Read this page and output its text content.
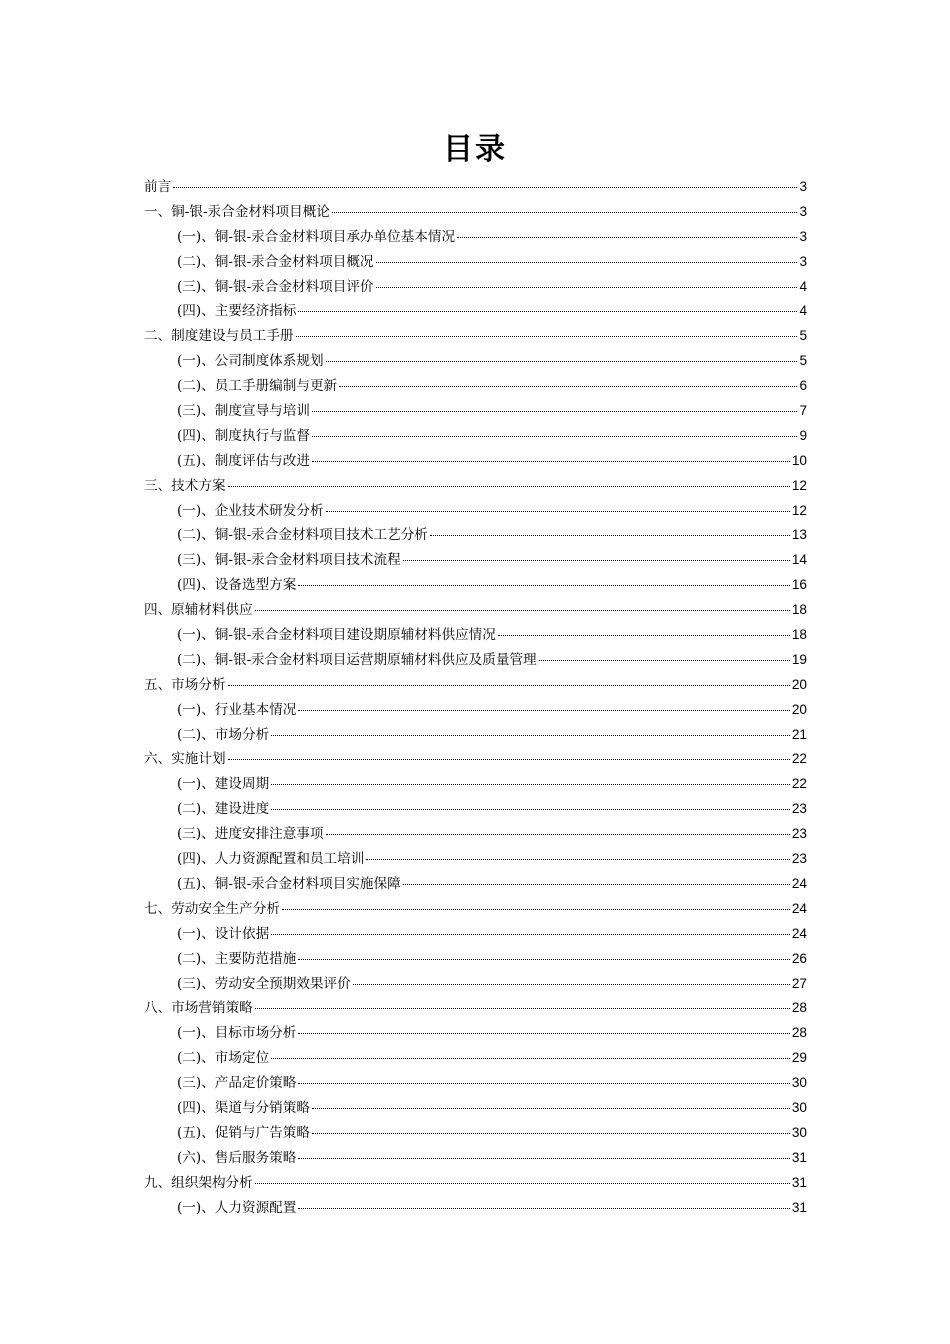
目录
前言	3
一、铜-银-汞合金材料项目概论	3
(一)、铜-银-汞合金材料项目承办单位基本情况	3
(二)、铜-银-汞合金材料项目概况	3
(三)、铜-银-汞合金材料项目评价	4
(四)、主要经济指标	4
二、制度建设与员工手册	5
(一)、公司制度体系规划	5
(二)、员工手册编制与更新	6
(三)、制度宣导与培训	7
(四)、制度执行与监督	9
(五)、制度评估与改进	10
三、技术方案	12
(一)、企业技术研发分析	12
(二)、铜-银-汞合金材料项目技术工艺分析	13
(三)、铜-银-汞合金材料项目技术流程	14
(四)、设备选型方案	16
四、原辅材料供应	18
(一)、铜-银-汞合金材料项目建设期原辅材料供应情况	18
(二)、铜-银-汞合金材料项目运营期原辅材料供应及质量管理	19
五、市场分析	20
(一)、行业基本情况	20
(二)、市场分析	21
六、实施计划	22
(一)、建设周期	22
(二)、建设进度	23
(三)、进度安排注意事项	23
(四)、人力资源配置和员工培训	23
(五)、铜-银-汞合金材料项目实施保障	24
七、劳动安全生产分析	24
(一)、设计依据	24
(二)、主要防范措施	26
(三)、劳动安全预期效果评价	27
八、市场营销策略	28
(一)、目标市场分析	28
(二)、市场定位	29
(三)、产品定价策略	30
(四)、渠道与分销策略	30
(五)、促销与广告策略	30
(六)、售后服务策略	31
九、组织架构分析	31
(一)、人力资源配置	31
